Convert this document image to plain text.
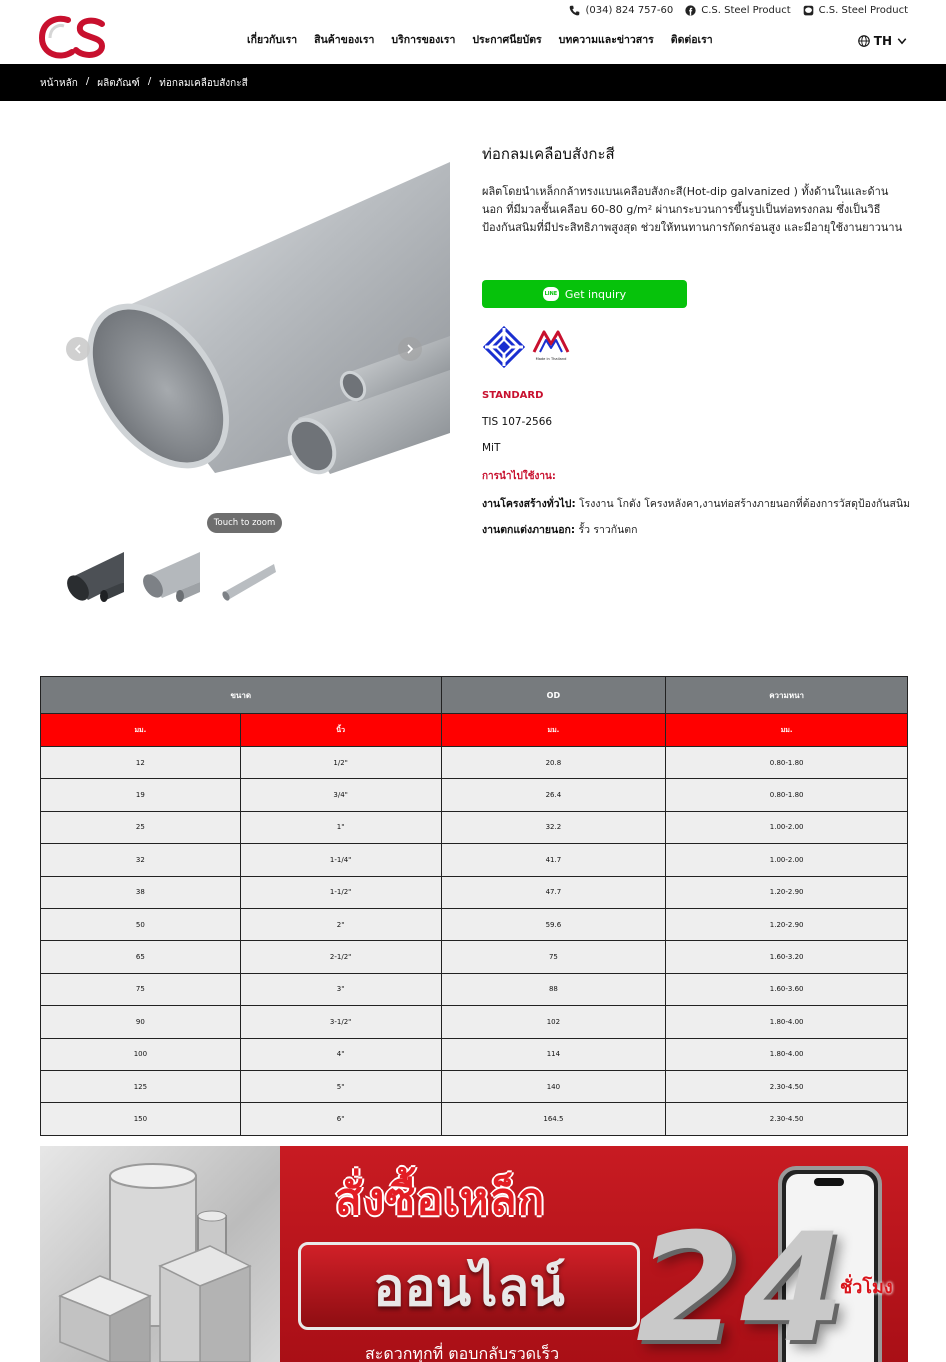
(034) 824 757-60	C.S. Steel Product	C.S. Steel Product
เกี่ยวกับเรา สินค้าของเรา บริการของเรา ประกาศนียบัตร บทความและข่าวสาร ติดต่อเรา	TH
หน้าหลัก / ผลิตภัณฑ์ / ท่อกลมเคลือบสังกะสี
Touch to zoom
ท่อกลมเคลือบสังกะสี
ผลิตโดยนำเหล็กกล้าทรงแบนเคลือบสังกะสี(Hot-dip galvanized ) ทั้งด้านในและด้านนอก ที่มีมวลชั้นเคลือบ 60-80 g/m² ผ่านกระบวนการขึ้นรูปเป็นท่อทรงกลม ซึ่งเป็นวิธีป้องกันสนิมที่มีประสิทธิภาพสูงสุด ช่วยให้ทนทานการกัดกร่อนสูง และมีอายุใช้งานยาวนาน
LINE Get inquiry
Made in Thailand
STANDARD
TIS 107-2566
MiT
การนำไปใช้งาน:
งานโครงสร้างทั่วไป: โรงงาน โกดัง โครงหลังคา,งานท่อสร้างภายนอกที่ต้องการวัสดุป้องกันสนิม
งานตกแต่งภายนอก: รั้ว ราวกันตก
ขนาด		OD	ความหนา
มม.	นิ้ว	มม.	มม.
12	1/2"	20.8	0.80-1.80
19	3/4"	26.4	0.80-1.80
25	1"	32.2	1.00-2.00
32	1-1/4"	41.7	1.00-2.00
38	1-1/2"	47.7	1.20-2.90
50	2"	59.6	1.20-2.90
65	2-1/2"	75	1.60-3.20
75	3"	88	1.60-3.60
90	3-1/2"	102	1.80-4.00
100	4"	114	1.80-4.00
125	5"	140	2.30-4.50
150	6"	164.5	2.30-4.50
สั่งซื้อเหล็ก
ออนไลน์ 24
ชั่วโมง
สะดวกทุกที่ ตอบกลับรวดเร็ว
